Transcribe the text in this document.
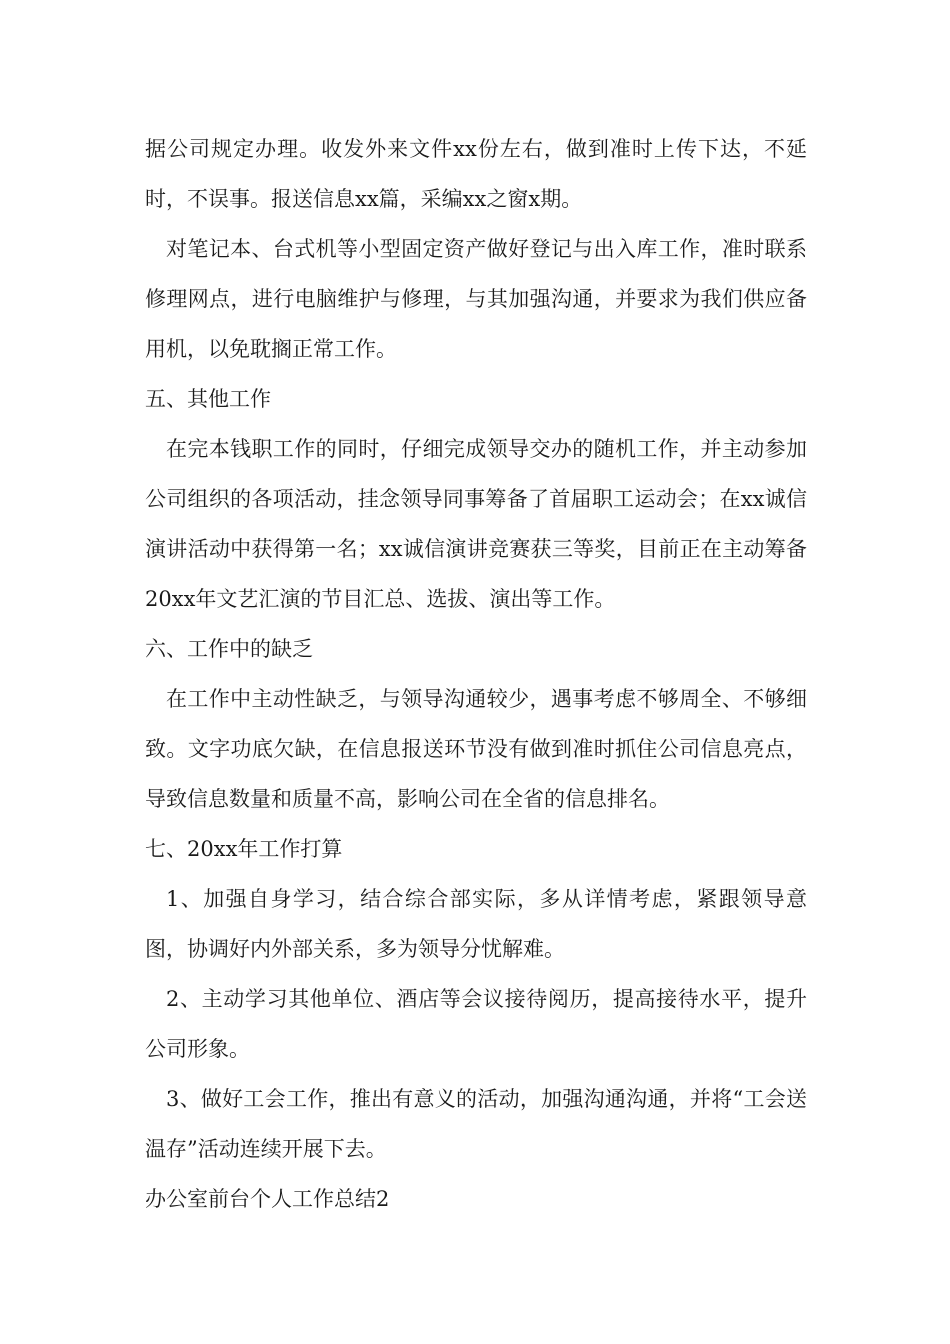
据公司规定办理。收发外来文件xx份左右，做到准时上传下达，不延时，不误事。报送信息xx篇，采编xx之窗x期。

对笔记本、台式机等小型固定资产做好登记与出入库工作，准时联系修理网点，进行电脑维护与修理，与其加强沟通，并要求为我们供应备用机，以免耽搁正常工作。

五、其他工作

在完本钱职工作的同时，仔细完成领导交办的随机工作，并主动参加公司组织的各项活动，挂念领导同事筹备了首届职工运动会；在xx诚信演讲活动中获得第一名；xx诚信演讲竞赛获三等奖，目前正在主动筹备20xx年文艺汇演的节目汇总、选拔、演出等工作。

六、工作中的缺乏

在工作中主动性缺乏，与领导沟通较少，遇事考虑不够周全、不够细致。文字功底欠缺，在信息报送环节没有做到准时抓住公司信息亮点，导致信息数量和质量不高，影响公司在全省的信息排名。

七、20xx年工作打算

1、加强自身学习，结合综合部实际，多从详情考虑，紧跟领导意图，协调好内外部关系，多为领导分忧解难。

2、主动学习其他单位、酒店等会议接待阅历，提高接待水平，提升公司形象。

3、做好工会工作，推出有意义的活动，加强沟通沟通，并将“工会送温存”活动连续开展下去。

办公室前台个人工作总结2
